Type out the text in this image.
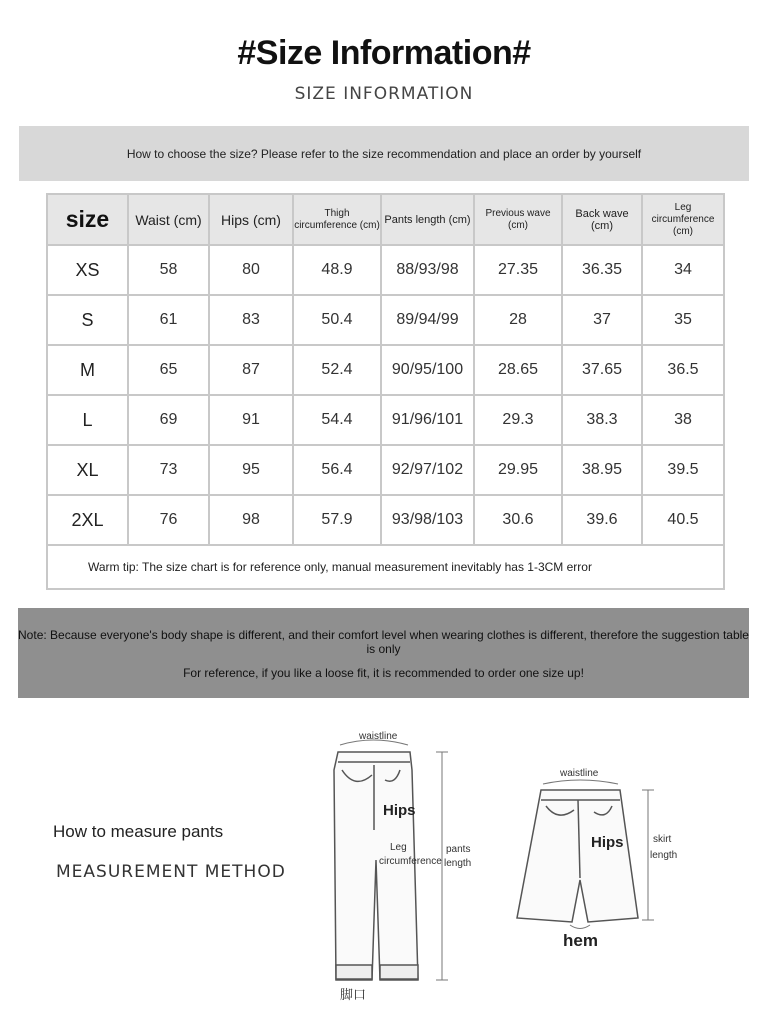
#Size Information#
SIZE INFORMATION
How to choose the size? Please refer to the size recommendation and place an order by yourself
size	Waist (cm)	Hips (cm)	Thigh circumference (cm)	Pants length (cm)	Previous wave (cm)	Back wave (cm)	Leg circumference (cm)
XS	58	80	48.9	88/93/98	27.35	36.35	34
S	61	83	50.4	89/94/99	28	37	35
M	65	87	52.4	90/95/100	28.65	37.65	36.5
L	69	91	54.4	91/96/101	29.3	38.3	38
XL	73	95	56.4	92/97/102	29.95	38.95	39.5
2XL	76	98	57.9	93/98/103	30.6	39.6	40.5
Warm tip: The size chart is for reference only, manual measurement inevitably has 1-3CM error							
Note: Because everyone's body shape is different, and their comfort level when wearing clothes is different, therefore the suggestion table is only
For reference, if you like a loose fit, it is recommended to order one size up!
How to measure pants
MEASUREMENT METHOD
waistline
Hips
Leg
circumference
pants
length
脚口
waistline
Hips	skirt
length
hem
